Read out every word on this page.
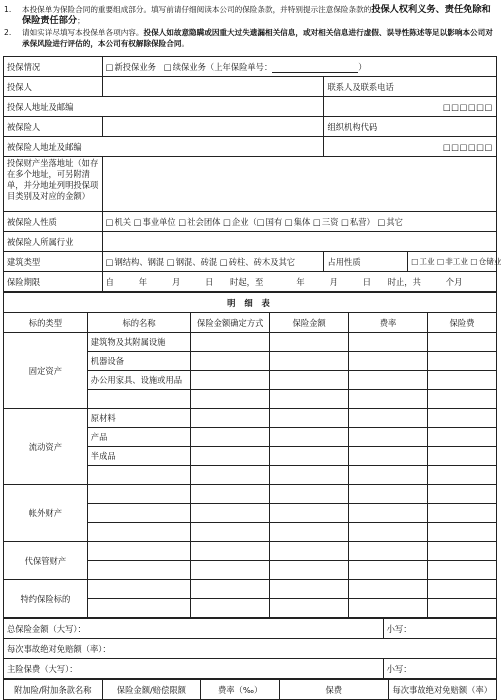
1.	本投保单为保险合同的重要组成部分。填写前请仔细阅读本公司的保险条款，并特别提示注意保险条款的投保人权利义务、责任免除和保险责任部分；
2.	请如实详尽填写本投保单各项内容。投保人如故意隐瞒或因重大过失遗漏相关信息，或对相关信息进行虚假、误导性陈述等足以影响本公司对承保风险进行评估的，本公司有权解除保险合同。
投保情况	□ 新投保业务 □ 续保业务（上年保险单号： ）
投保人		联系人及联系电话	
投保人地址及邮编		□□□□□□	
被保险人		组织机构代码	
被保险人地址及邮编		□□□□□□	
投保财产坐落地址（如存在多个地址，可另附清单，并分地址列明投保项目类别及对应的金额）			
被保险人性质	□ 机关 □ 事业单位 □ 社会团体 □ 企业（ □ 国有 □ 集体 □ 三资 □ 私营） □ 其它
被保险人所属行业			
建筑类型	□ 钢结构、钢混 □ 钢混、砖混 □ 砖柱、砖木及其它	占用性质	□ 工业 □ 非工业 □ 仓储业
保险期限	自　　　年　　　月　　　日　　时起，至　　　　年　　　月　　　日　　时止，共　　　个月		
明 细 表					
标的类型	标的名称	保险金额确定方式	保险金额	费率	保险费
固定资产	建筑物及其附属设施				
	机器设备				
	办公用家具、设施或用品				

流动资产	原材料				
	产品				
	半成品				

帐外财产					

代保管财产					

特约保险标的					

总保险金额（大写）：	小写：
每次事故绝对免赔额（率）：	
主险保费（大写）：	小写：
附加险/附加条款名称	保险金额/赔偿限额	费率（‰）	保费	每次事故绝对免赔额（率）
